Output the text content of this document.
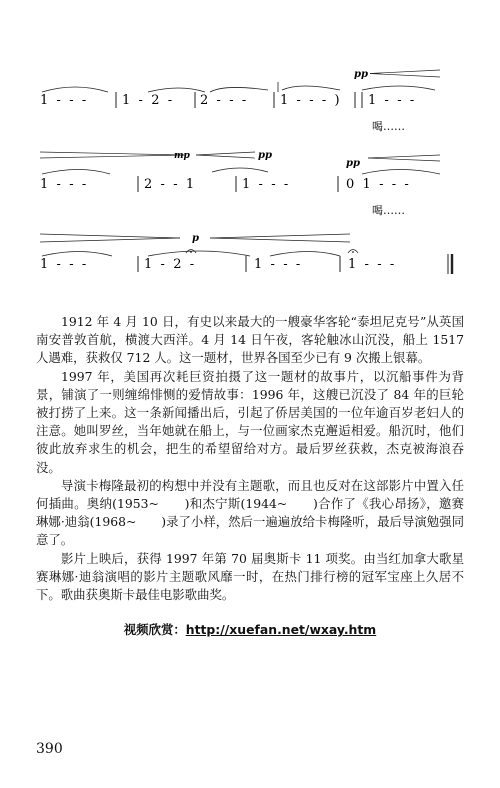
pp
1  -  -  -	1  -  2  - 2  -  -  -	1  -  -  -  ) 1  -  -  -
喝……
mp	pp
pp
1  -  -  -	2  -  -  1	1  -  -  -	0  1  -  -  -
喝……
p
1  -  -  -	1  -  2  -	1  -  -  -	1  -  -  -

1912 年 4 月 10 日，有史以来最大的一艘豪华客轮“泰坦尼克号”从英国南安普敦首航，横渡大西洋。4 月 14 日午夜，客轮触冰山沉没，船上 1517 人遇难，获救仅 712 人。这一题材，世界各国至少已有 9 次搬上银幕。

1997 年，美国再次耗巨资拍摄了这一题材的故事片，以沉船事件为背景，铺演了一则缠绵悱恻的爱情故事：1996 年，这艘已沉没了 84 年的巨轮被打捞了上来。这一条新闻播出后，引起了侨居美国的一位年逾百岁老妇人的注意。她叫罗丝，当年她就在船上，与一位画家杰克邂逅相爱。船沉时，他们彼此放弃求生的机会，把生的希望留给对方。最后罗丝获救，杰克被海浪吞没。

导演卡梅隆最初的构想中并没有主题歌，而且也反对在这部影片中置入任何插曲。奥纳(1953~　　)和杰宁斯(1944~　　)合作了《我心昂扬》，邀赛琳娜·迪翁(1968~　　)录了小样，然后一遍遍放给卡梅隆听，最后导演勉强同意了。

影片上映后，获得 1997 年第 70 届奥斯卡 11 项奖。由当红加拿大歌星赛琳娜·迪翁演唱的影片主题歌风靡一时，在热门排行榜的冠军宝座上久居不下。歌曲获奥斯卡最佳电影歌曲奖。

视频欣赏：http://xuefan.net/wxay.htm
390
